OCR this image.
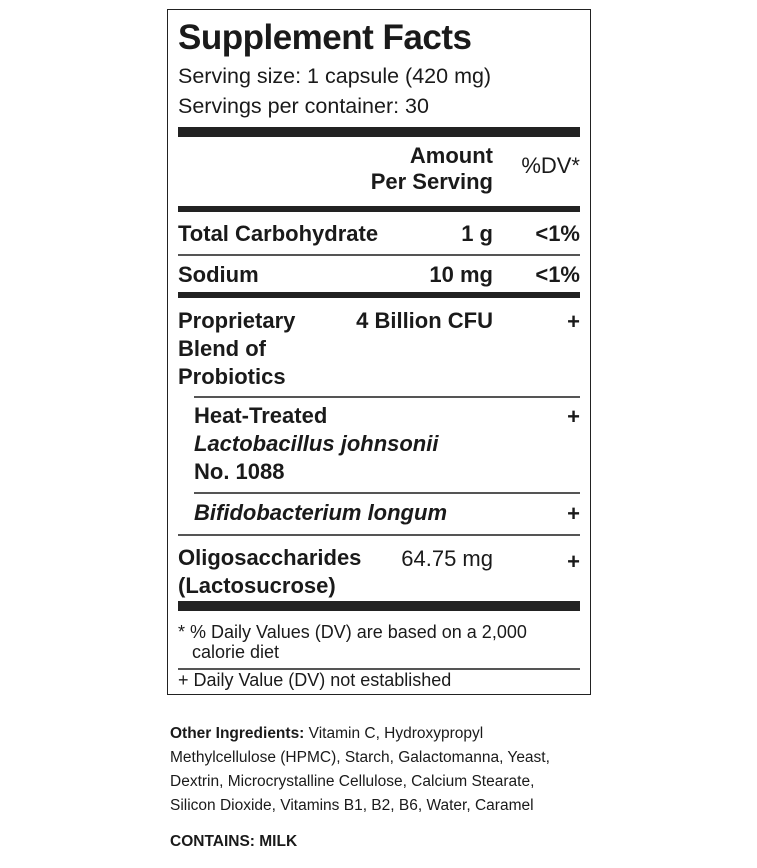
Supplement Facts
Serving size: 1 capsule (420 mg)
Servings per container: 30
Amount
Per Serving
%DV*
Total Carbohydrate	1 g <1%
Sodium	10 mg <1%
Proprietary
Blend of
Probiotics
4 Billion CFU	+
Heat-Treated
Lactobacillus johnsonii
No. 1088
+
Bifidobacterium longum	+
Oligosaccharides
(Lactosucrose)
64.75 mg	+
* % Daily Values (DV) are based on a 2,000
calorie diet
+ Daily Value (DV) not established
Other Ingredients: Vitamin C, Hydroxypropyl
Methylcellulose (HPMC), Starch, Galactomanna, Yeast,
Dextrin, Microcrystalline Cellulose, Calcium Stearate,
Silicon Dioxide, Vitamins B1, B2, B6, Water, Caramel
CONTAINS: MILK
